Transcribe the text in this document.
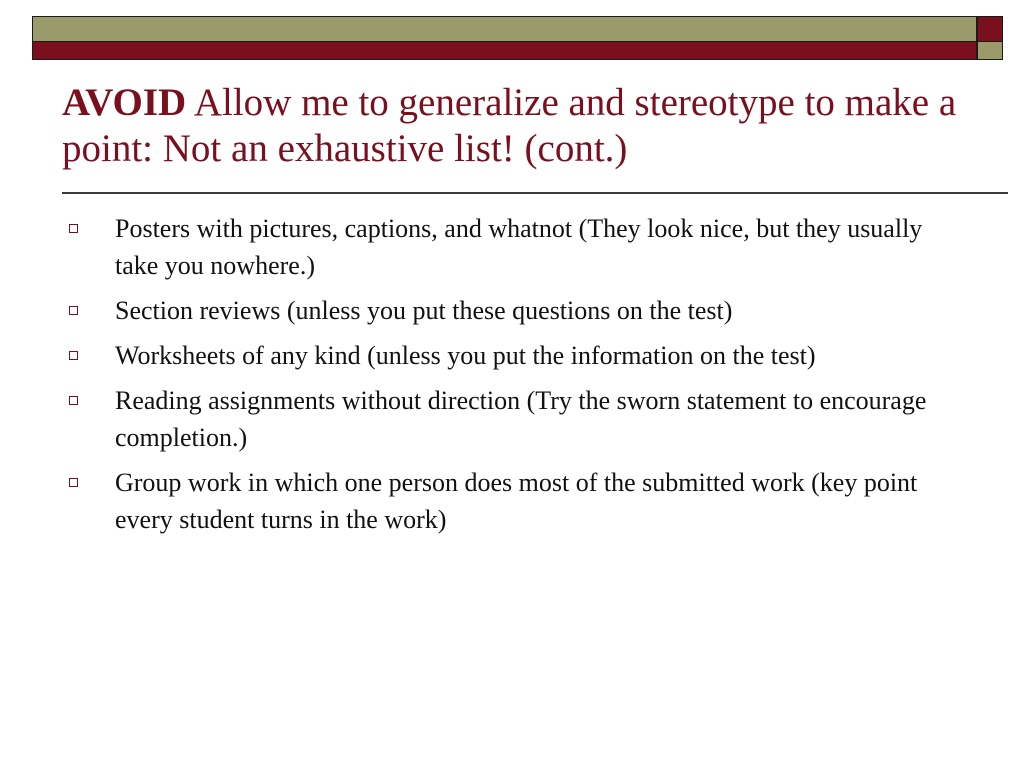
AVOID Allow me to generalize and stereotype to make a point: Not an exhaustive list! (cont.)
Posters with pictures, captions, and whatnot (They look nice, but they usually take you nowhere.)
Section reviews (unless you put these questions on the test)
Worksheets of any kind (unless you put the information on the test)
Reading assignments without direction (Try the sworn statement to encourage completion.)
Group work in which one person does most of the submitted work (key point every student turns in the work)
